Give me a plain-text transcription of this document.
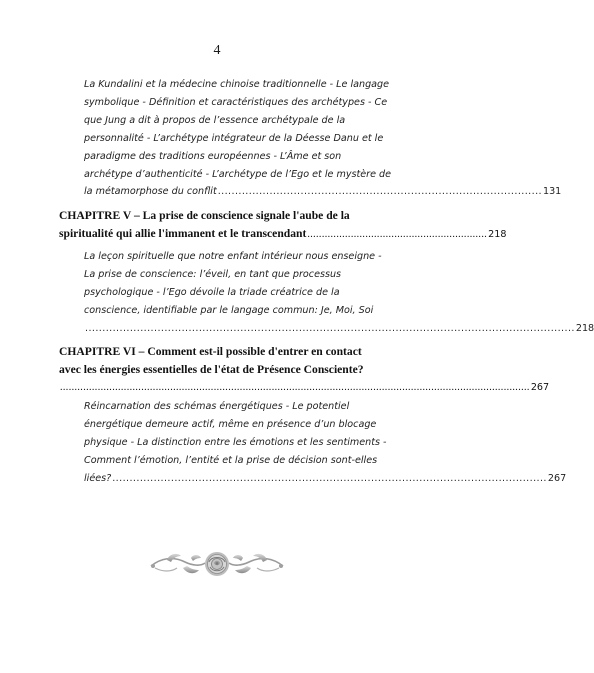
4
La Kundalini et la médecine chinoise traditionnelle - Le langage
symbolique - Définition et caractéristiques des archétypes - Ce
que Jung a dit à propos de l’essence archétypale de la
personnalité - L’archétype intégrateur de la Déesse Danu et le
paradigme des traditions européennes - L’Âme et son
archétype d’authenticité - L’archétype de l’Ego et le mystère de
la métamorphose du conflit .............................................................................................. 131
CHAPITRE V – La prise de conscience signale l'aube de la
spiritualité qui allie l'immanent et le transcendant .............................................................. 218
La leçon spirituelle que notre enfant intérieur nous enseigne -
La prise de conscience: l’éveil, en tant que processus
psychologique - l’Ego dévoile la triade créatrice de la
conscience, identifiable par le langage commun: Je, Moi, Soi
.............................................................................................................................................. 218
CHAPITRE VI – Comment est-il possible d'entrer en contact
avec les énergies essentielles de l'état de Présence Consciente?
.................................................................................................................................................................. 267
Réincarnation des schémas énergétiques - Le potentiel
énergétique demeure actif, même en présence d’un blocage
physique - La distinction entre les émotions et les sentiments -
Comment l’émotion, l’entité et la prise de décision sont-elles
liées? .............................................................................................................................. 267
